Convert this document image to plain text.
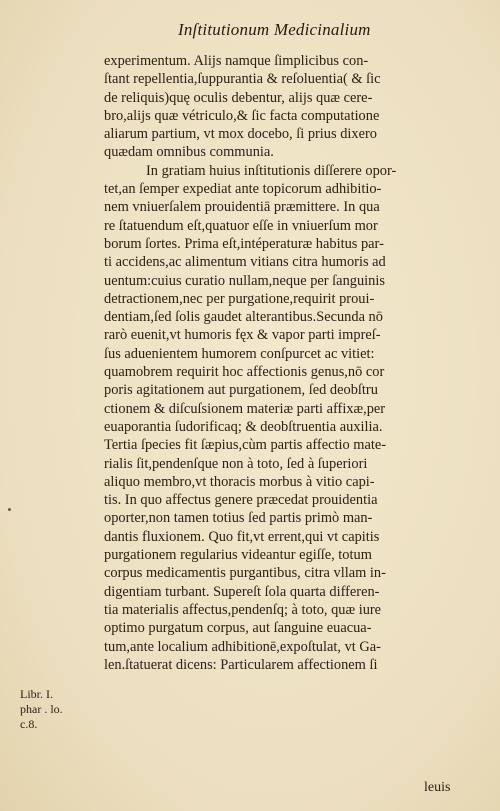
Inſtitutionum Medicinalium
experimentum. Alijs namque ſimplicibus con-
ſtant repellentia,ſuppurantia & reſoluentia( & ſic
de reliquis)quę oculis debentur, alijs quæ cere-
bro,alijs quæ vétriculo,& ſic facta computatione
aliarum partium, vt mox docebo, ſi prius dixero
quædam omnibus communia.
In gratiam huius inſtitutionis diſſerere opor-
tet,an ſemper expediat ante topicorum adhibitio-
nem vniuerſalem prouidentiā præmittere. In qua
re ſtatuendum eſt,quatuor eſſe in vniuerſum mor
borum ſortes. Prima eſt,intéperaturæ habitus par-
ti accidens,ac alimentum vitians citra humoris ad
uentum:cuius curatio nullam,neque per ſanguinis
detractionem,nec per purgatione,requirit proui-
dentiam,ſed ſolis gaudet alterantibus.Secunda nō
rarò euenit,vt humoris fęx & vapor parti impreſ-
ſus aduenientem humorem conſpurcet ac vitiet:
quamobrem requirit hoc affectionis genus,nō cor
poris agitationem aut purgationem, ſed deobſtru
ctionem & diſcuſsionem materiæ parti affixæ,per
euaporantia ſudorificaq; & deobſtruentia auxilia.
Tertia ſpecies fit ſæpius,cùm partis affectio mate-
rialis ſit,pendenſque non à toto, ſed à ſuperiori
aliquo membro,vt thoracis morbus à vitio capi-
tis. In quo affectus genere præcedat prouidentia
oporter,non tamen totius ſed partis primò man-
dantis fluxionem. Quo fit,vt errent,qui vt capitis
purgationem regularius videantur egiſſe, totum
corpus medicamentis purgantibus, citra vllam in-
digentiam turbant. Supereſt ſola quarta differen-
tia materialis affectus,pendenſq; à toto, quæ iure
optimo purgatum corpus, aut ſanguine euacua-
tum,ante localium adhibitionē,expoſtulat, vt Ga-
len.ſtatuerat dicens: Particularem affectionem ſi
Libr. I.
phar . lo.
c.8.
leuis
